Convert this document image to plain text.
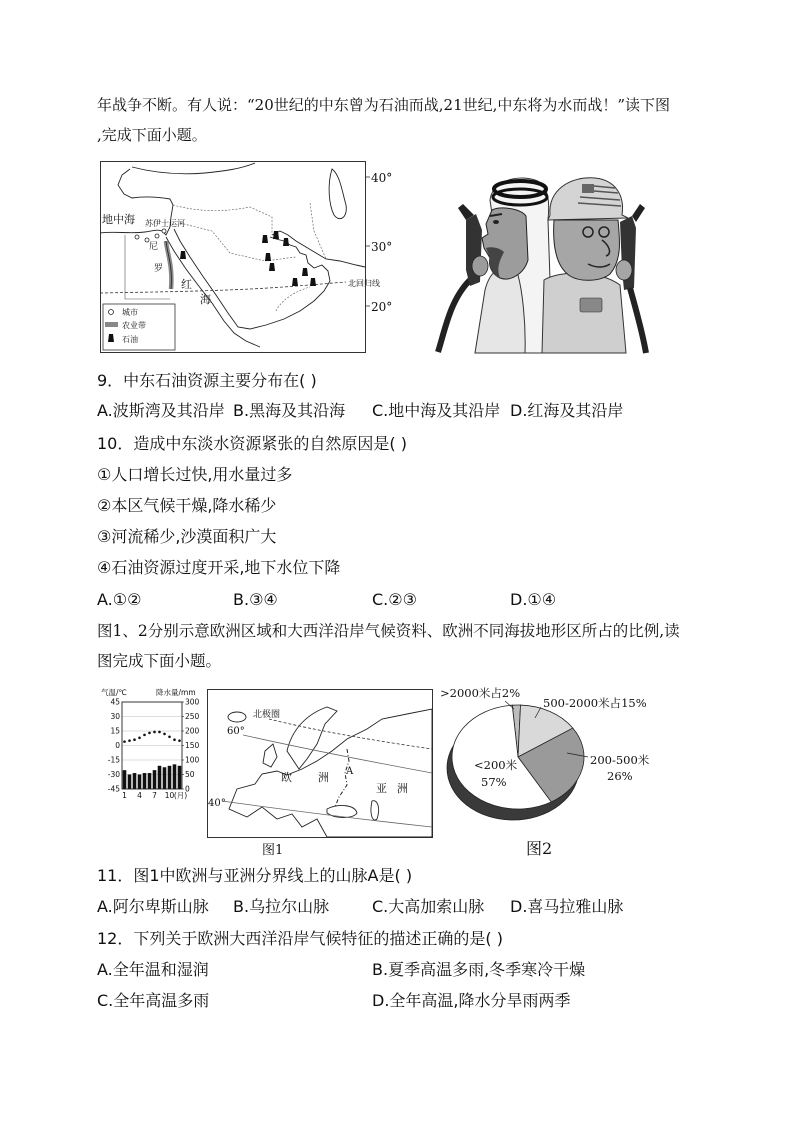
年战争不断。有人说：“20世纪的中东曾为石油而战,21世纪,中东将为水而战！”读下图
,完成下面小题。
地中海 苏伊士运河
尼
罗
红
海
北回归线
40°
30°
20°
城市
农业带
石油
9．中东石油资源主要分布在( )
A.波斯湾及其沿岸 B.黑海及其沿海 C.地中海及其沿岸 D.红海及其沿岸
10．造成中东淡水资源紧张的自然原因是( )
①人口增长过快,用水量过多
②本区气候干燥,降水稀少
③河流稀少,沙漠面积广大
④石油资源过度开采,地下水位下降
A.①②	B.③④	C.②③	D.①④
图1、2分别示意欧洲区域和大西洋沿岸气候资料、欧洲不同海拔地形区所占的比例,读
图完成下面小题。
气温/℃	降水量/mm
45
30
15
0
-15
-30
-45
300
250
200
150
100
50
0
1 4 7 10 (月)
北极圈
60°
欧 洲 A
亚 洲
40°
图1
>2000米占2%
500-2000米占15%
200-500米
26%
<200米
57%
图2
11．图1中欧洲与亚洲分界线上的山脉A是( )
A.阿尔卑斯山脉 B.乌拉尔山脉	C.大高加索山脉 D.喜马拉雅山脉
12．下列关于欧洲大西洋沿岸气候特征的描述正确的是( )
A.全年温和湿润	B.夏季高温多雨,冬季寒冷干燥
C.全年高温多雨	D.全年高温,降水分旱雨两季
